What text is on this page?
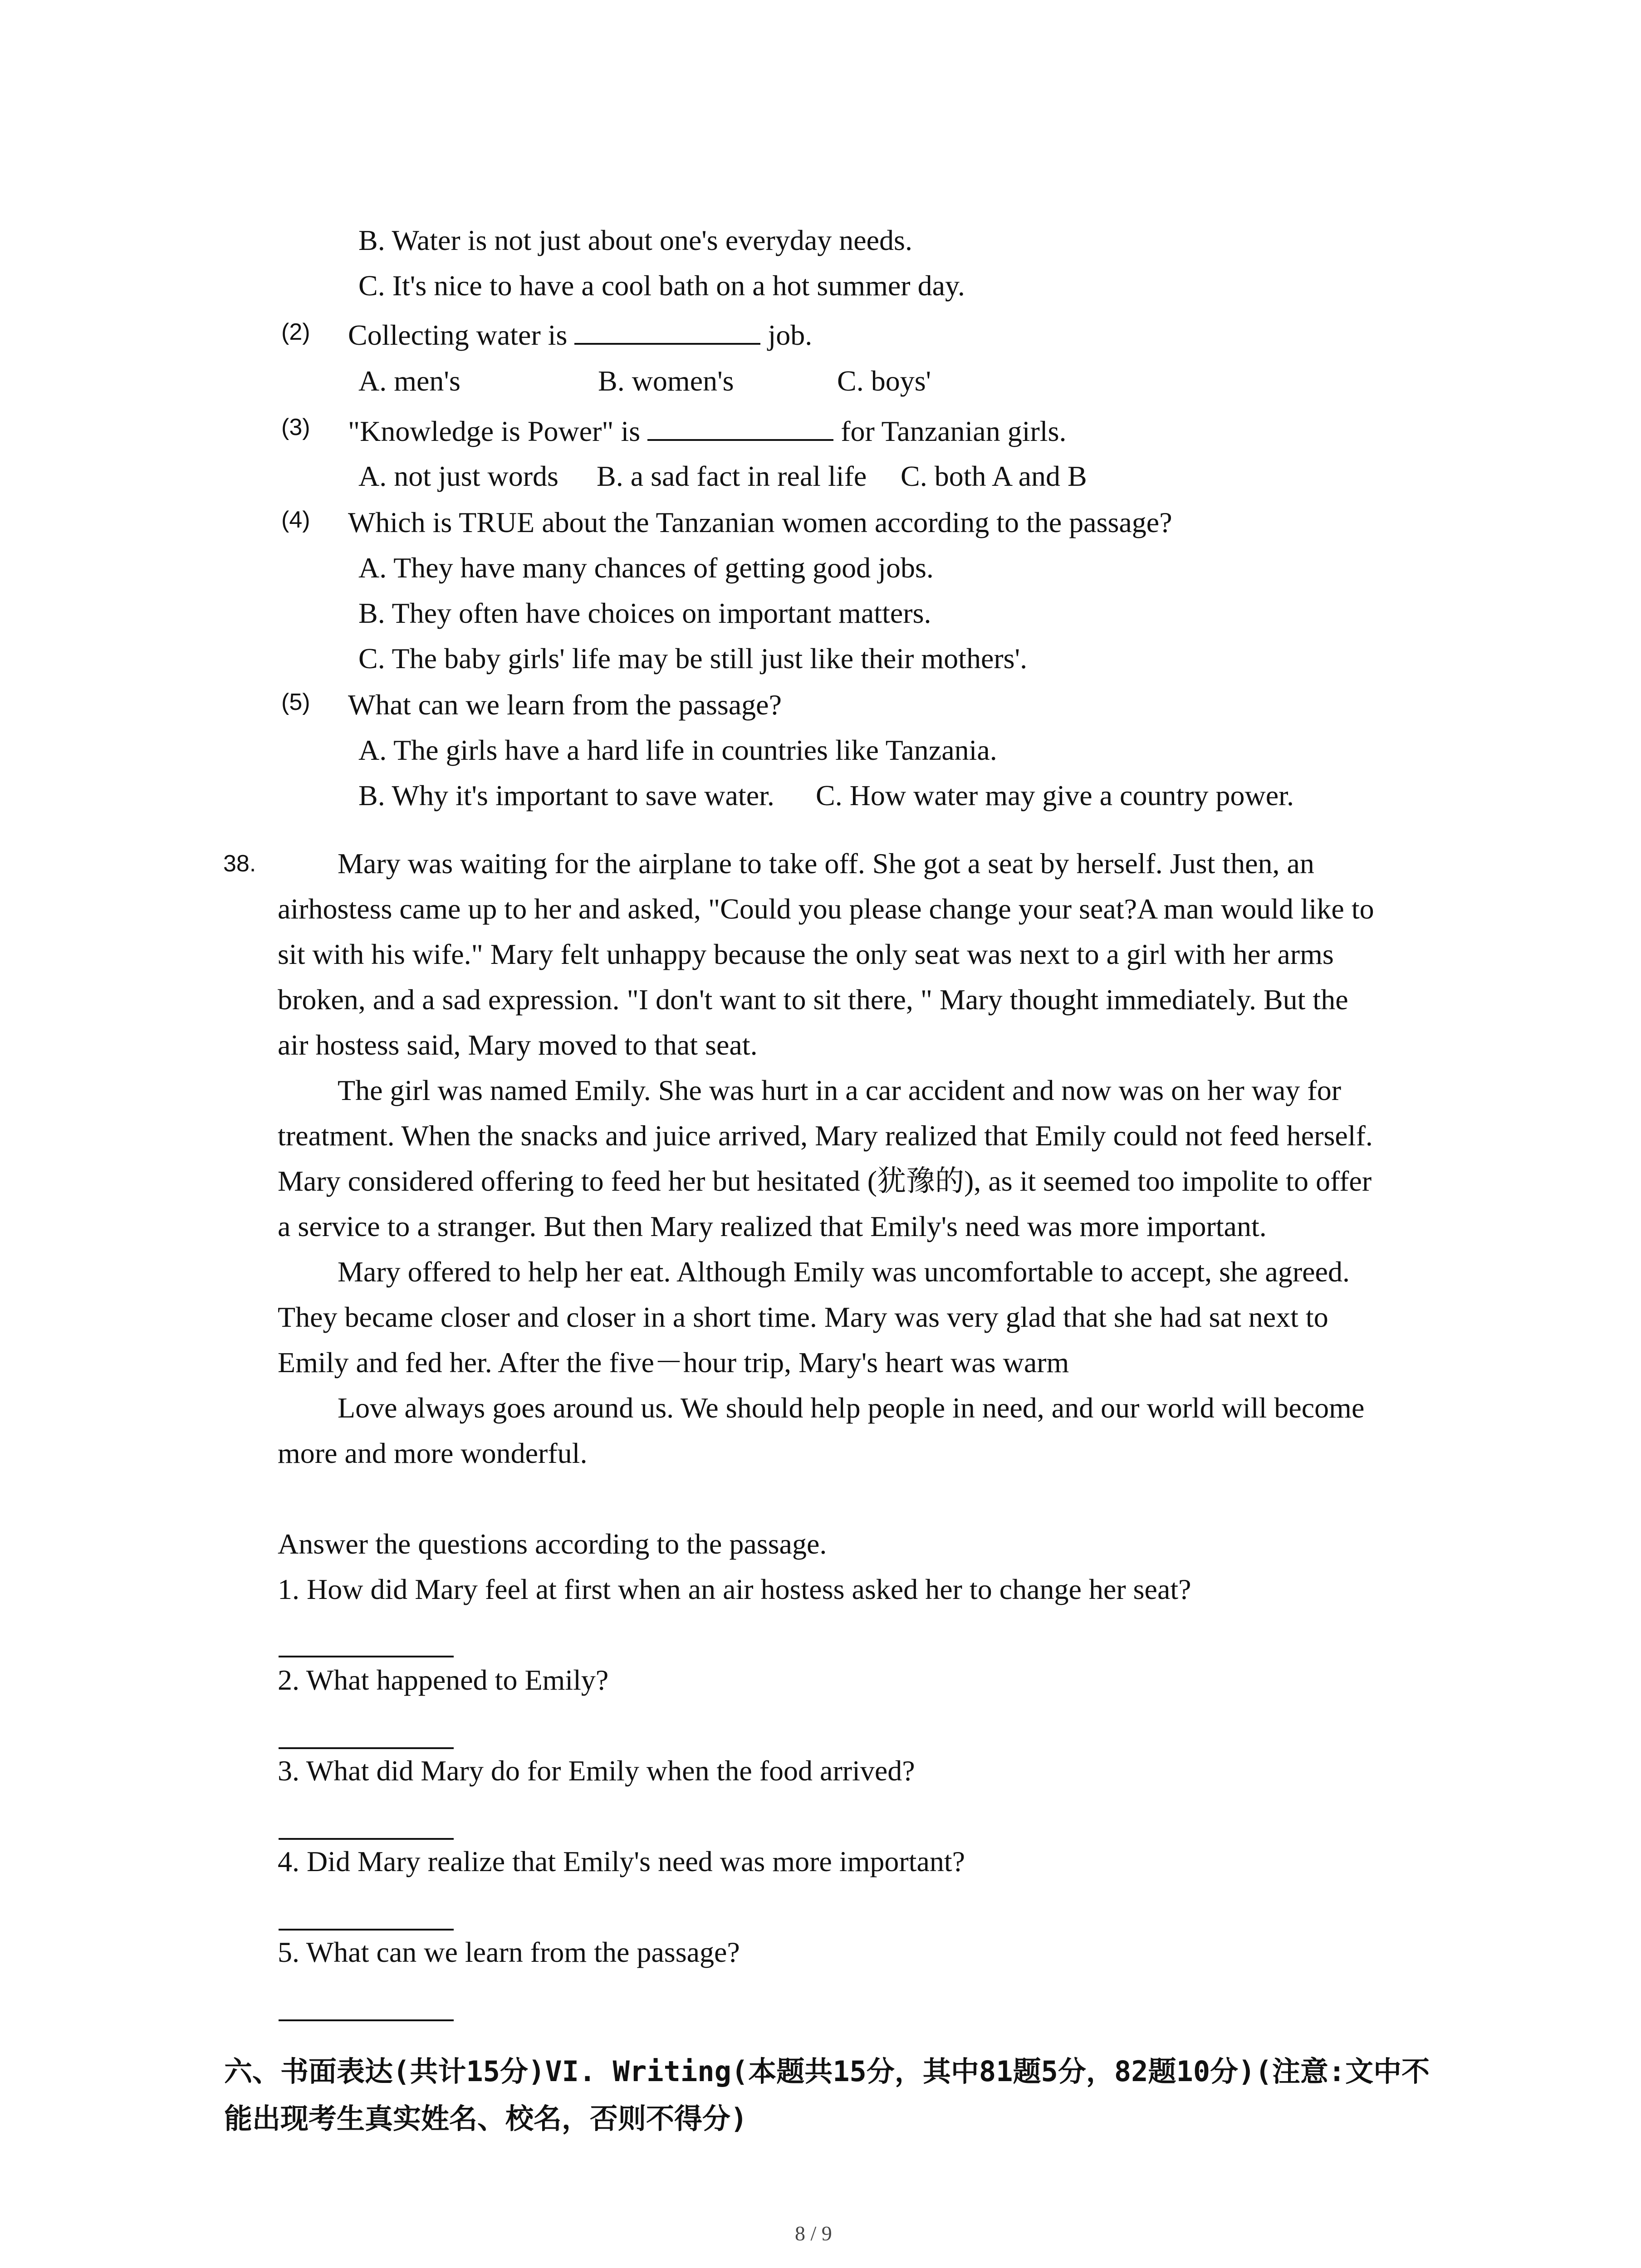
B. Water is not just about one's everyday needs.
C. It's nice to have a cool bath on a hot summer day.
(2) Collecting water is	job.
A. men's	B. women's	C. boys'
(3) "Knowledge is Power" is	for Tanzanian girls.
A. not just words B. a sad fact in real life C. both A and B
(4) Which is TRUE about the Tanzanian women according to the passage?
A. They have many chances of getting good jobs.
B. They often have choices on important matters.
C. The baby girls' life may be still just like their mothers'.
(5) What can we learn from the passage?
A. The girls have a hard life in countries like Tanzania.
B. Why it's important to save water. C. How water may give a country power.
38.	Mary was waiting for the airplane to take off. She got a seat by herself. Just then, an
airhostess came up to her and asked, "Could you please change your seat?A man would like to
sit with his wife." Mary felt unhappy because the only seat was next to a girl with her arms
broken, and a sad expression. "I don't want to sit there, " Mary thought immediately. But the
air hostess said, Mary moved to that seat.
The girl was named Emily. She was hurt in a car accident and now was on her way for
treatment. When the snacks and juice arrived, Mary realized that Emily could not feed herself.
Mary considered offering to feed her but hesitated (犹豫的), as it seemed too impolite to offer
a service to a stranger. But then Mary realized that Emily's need was more important.
Mary offered to help her eat. Although Emily was uncomfortable to accept, she agreed.
They became closer and closer in a short time. Mary was very glad that she had sat next to
Emily and fed her. After the five－hour trip, Mary's heart was warm
Love always goes around us. We should help people in need, and our world will become
more and more wonderful.
Answer the questions according to the passage.
1. How did Mary feel at first when an air hostess asked her to change her seat?
2. What happened to Emily?
3. What did Mary do for Emily when the food arrived?
4. Did Mary realize that Emily's need was more important?
5. What can we learn from the passage?
六、书面表达(共计15分)VI. Writing(本题共15分，其中81题5分，82题10分)(注意:文中不
能出现考生真实姓名、校名，否则不得分)
8 / 9
